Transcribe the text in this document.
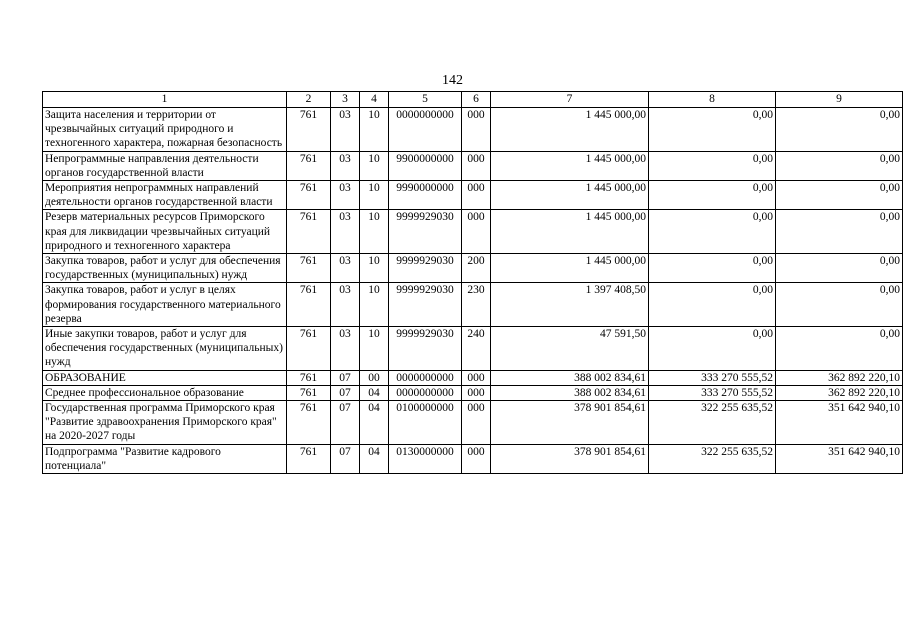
142
1	2	3	4	5	6	7	8	9
Защита населения и территории от чрезвычайных ситуаций природного и техногенного характера, пожарная безопасность	761	03	10	0000000000	000	1 445 000,00	0,00	0,00
Непрограммные направления деятельности органов государственной власти	761	03	10	9900000000	000	1 445 000,00	0,00	0,00
Мероприятия непрограммных направлений деятельности органов государственной власти	761	03	10	9990000000	000	1 445 000,00	0,00	0,00
Резерв материальных ресурсов Приморского края для ликвидации чрезвычайных ситуаций природного и техногенного характера	761	03	10	9999929030	000	1 445 000,00	0,00	0,00
Закупка товаров, работ и услуг для обеспечения государственных (муниципальных) нужд	761	03	10	9999929030	200	1 445 000,00	0,00	0,00
Закупка товаров, работ и услуг в целях формирования государственного материального резерва	761	03	10	9999929030	230	1 397 408,50	0,00	0,00
Иные закупки товаров, работ и услуг для обеспечения государственных (муниципальных) нужд	761	03	10	9999929030	240	47 591,50	0,00	0,00
ОБРАЗОВАНИЕ	761	07	00	0000000000	000	388 002 834,61	333 270 555,52	362 892 220,10
Среднее профессиональное образование	761	07	04	0000000000	000	388 002 834,61	333 270 555,52	362 892 220,10
Государственная программа Приморского края "Развитие здравоохранения Приморского края" на 2020-2027 годы	761	07	04	0100000000	000	378 901 854,61	322 255 635,52	351 642 940,10
Подпрограмма "Развитие кадрового потенциала"	761	07	04	0130000000	000	378 901 854,61	322 255 635,52	351 642 940,10
